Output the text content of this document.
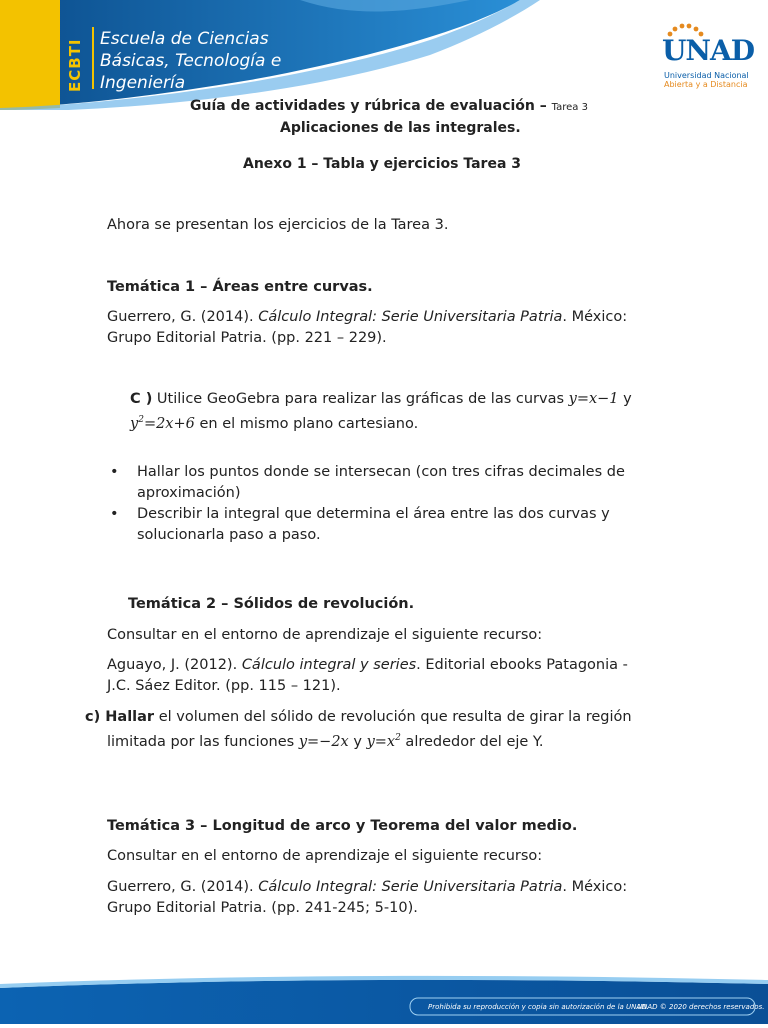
ECBTI Escuela de Ciencias
Básicas, Tecnología e
Ingeniería
UNAD
Universidad Nacional
Abierta y a Distancia
Guía de actividades y rúbrica de evaluación – Tarea 3
Aplicaciones de las integrales.
Anexo 1 – Tabla y ejercicios Tarea 3
Ahora se presentan los ejercicios de la Tarea 3.
Temática 1 – Áreas entre curvas.
Guerrero, G. (2014). Cálculo Integral: Serie Universitaria Patria. México:
Grupo Editorial Patria. (pp. 221 – 229).
C ) Utilice GeoGebra para realizar las gráficas de las curvas y=x−1 y
$y^2=2x+6$ en el mismo plano cartesiano.
• Hallar los puntos donde se intersecan (con tres cifras decimales de
aproximación)
• Describir la integral que determina el área entre las dos curvas y
solucionarla paso a paso.
Temática 2 – Sólidos de revolución.
Consultar en el entorno de aprendizaje el siguiente recurso:
Aguayo, J. (2012). Cálculo integral y series. Editorial ebooks Patagonia -
J.C. Sáez Editor. (pp. 115 – 121).
c) Hallar el volumen del sólido de revolución que resulta de girar la región
limitada por las funciones y=−2x y $y=x^2$ alrededor del eje Y.
Temática 3 – Longitud de arco y Teorema del valor medio.
Consultar en el entorno de aprendizaje el siguiente recurso:
Guerrero, G. (2014). Cálculo Integral: Serie Universitaria Patria. México:
Grupo Editorial Patria. (pp. 241-245; 5-10).
Prohibida su reproducción y copia sin autorización de la UNAD.
UNAD © 2020 derechos reservados.
